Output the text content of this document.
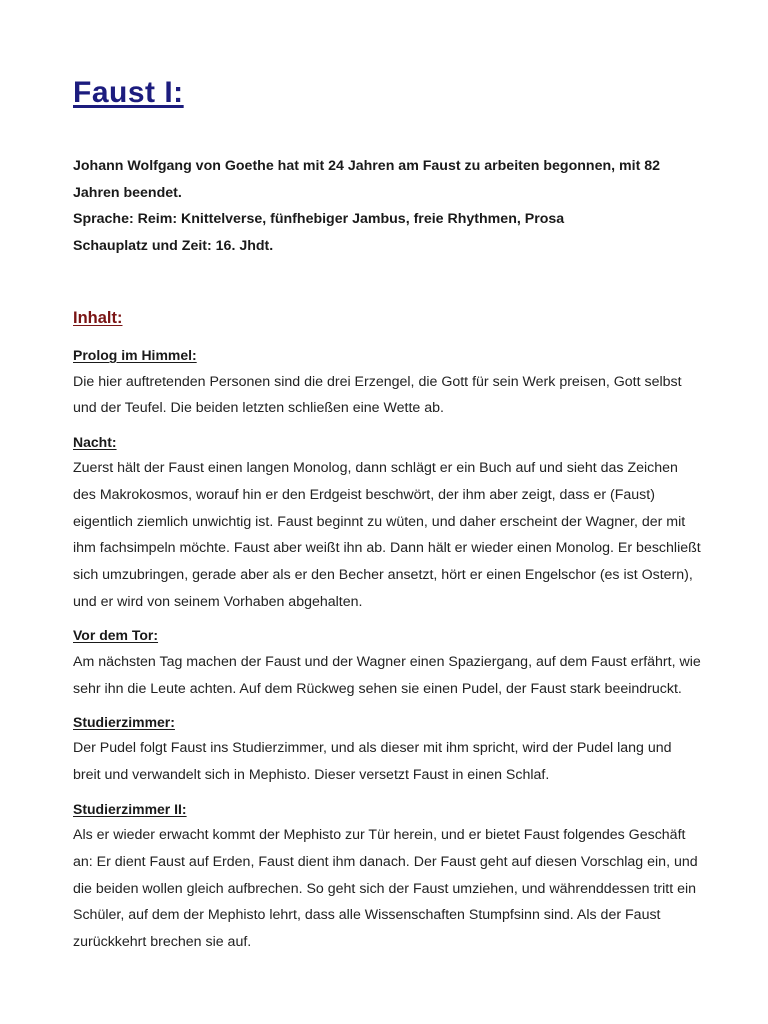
Faust I:

Johann Wolfgang von Goethe hat mit 24 Jahren am Faust zu arbeiten begonnen, mit 82 Jahren beendet.

Sprache: Reim: Knittelverse, fünfhebiger Jambus, freie Rhythmen, Prosa

Schauplatz und Zeit: 16. Jhdt.

Inhalt:
Prolog im Himmel:

Die hier auftretenden Personen sind die drei Erzengel, die Gott für sein Werk preisen, Gott selbst und der Teufel. Die beiden letzten schließen eine Wette ab.

Nacht:

Zuerst hält der Faust einen langen Monolog, dann schlägt er ein Buch auf und sieht das Zeichen des Makrokosmos, worauf hin er den Erdgeist beschwört, der ihm aber zeigt, dass er (Faust) eigentlich ziemlich unwichtig ist. Faust beginnt zu wüten, und daher erscheint der Wagner, der mit ihm fachsimpeln möchte. Faust aber weißt ihn ab. Dann hält er wieder einen Monolog. Er beschließt sich umzubringen, gerade aber als er den Becher ansetzt, hört er einen Engelschor (es ist Ostern), und er wird von seinem Vorhaben abgehalten.

Vor dem Tor:

Am nächsten Tag machen der Faust und der Wagner einen Spaziergang, auf dem Faust erfährt, wie sehr ihn die Leute achten. Auf dem Rückweg sehen sie einen Pudel, der Faust stark beeindruckt.

Studierzimmer:

Der Pudel folgt Faust ins Studierzimmer, und als dieser mit ihm spricht, wird der Pudel lang und breit und verwandelt sich in Mephisto. Dieser versetzt Faust in einen Schlaf.

Studierzimmer II:

Als er wieder erwacht kommt der Mephisto zur Tür herein, und er bietet Faust folgendes Geschäft an: Er dient Faust auf Erden, Faust dient ihm danach. Der Faust geht auf diesen Vorschlag ein, und die beiden wollen gleich aufbrechen. So geht sich der Faust umziehen, und währenddessen tritt ein Schüler, auf dem der Mephisto lehrt, dass alle Wissenschaften Stumpfsinn sind. Als der Faust zurückkehrt brechen sie auf.
